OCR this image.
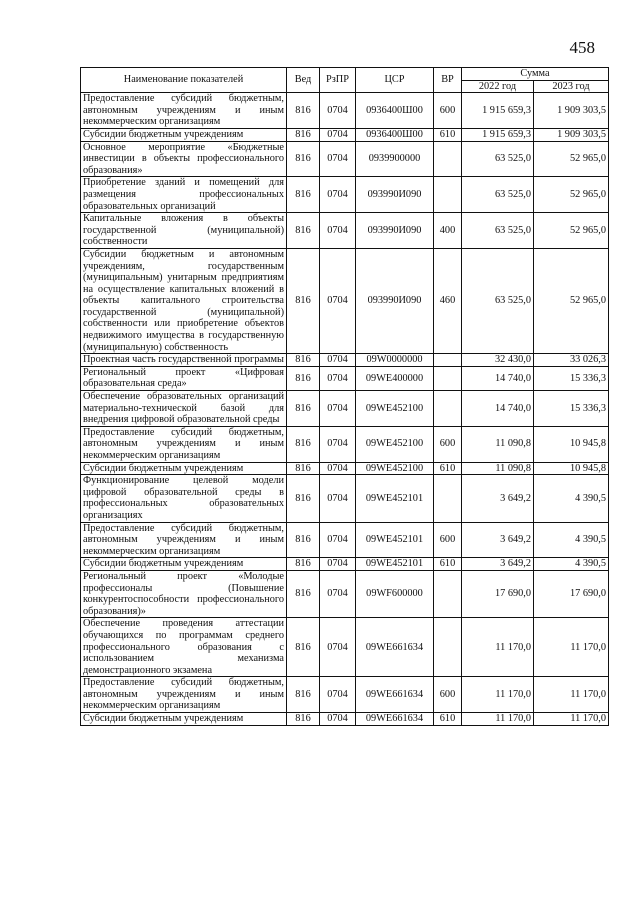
458
Наименование показателей	Вед	РзПР	ЦСР	ВР	Сумма	
					2022 год	2023 год
Предоставление субсидий бюджетным, автономным учреждениям и иным некоммерческим организациям	816	0704	0936400Ш00	600	1 915 659,3	1 909 303,5
Субсидии бюджетным учреждениям	816	0704	0936400Ш00	610	1 915 659,3	1 909 303,5
Основное мероприятие «Бюджетные инвестиции в объекты профессионального образования»	816	0704	0939900000		63 525,0	52 965,0
Приобретение зданий и помещений для размещения профессиональных образовательных организаций	816	0704	093990И090		63 525,0	52 965,0
Капитальные вложения в объекты государственной (муниципальной) собственности	816	0704	093990И090	400	63 525,0	52 965,0
Субсидии бюджетным и автономным учреждениям, государственным (муниципальным) унитарным предприятиям на осуществление капитальных вложений в объекты капитального строительства государственной (муниципальной) собственности или приобретение объектов недвижимого имущества в государственную (муниципальную) собственность	816	0704	093990И090	460	63 525,0	52 965,0
Проектная часть государственной программы	816	0704	09W0000000		32 430,0	33 026,3
Региональный проект «Цифровая образовательная среда»	816	0704	09WE400000		14 740,0	15 336,3
Обеспечение образовательных организаций материально-технической базой для внедрения цифровой образовательной среды	816	0704	09WE452100		14 740,0	15 336,3
Предоставление субсидий бюджетным, автономным учреждениям и иным некоммерческим организациям	816	0704	09WE452100	600	11 090,8	10 945,8
Субсидии бюджетным учреждениям	816	0704	09WE452100	610	11 090,8	10 945,8
Функционирование целевой модели цифровой образовательной среды в профессиональных образовательных организациях	816	0704	09WE452101		3 649,2	4 390,5
Предоставление субсидий бюджетным, автономным учреждениям и иным некоммерческим организациям	816	0704	09WE452101	600	3 649,2	4 390,5
Субсидии бюджетным учреждениям	816	0704	09WE452101	610	3 649,2	4 390,5
Региональный проект «Молодые профессионалы (Повышение конкурентоспособности профессионального образования)»	816	0704	09WF600000		17 690,0	17 690,0
Обеспечение проведения аттестации обучающихся по программам среднего профессионального образования с использованием механизма демонстрационного экзамена	816	0704	09WE661634		11 170,0	11 170,0
Предоставление субсидий бюджетным, автономным учреждениям и иным некоммерческим организациям	816	0704	09WE661634	600	11 170,0	11 170,0
Субсидии бюджетным учреждениям	816	0704	09WE661634	610	11 170,0	11 170,0
